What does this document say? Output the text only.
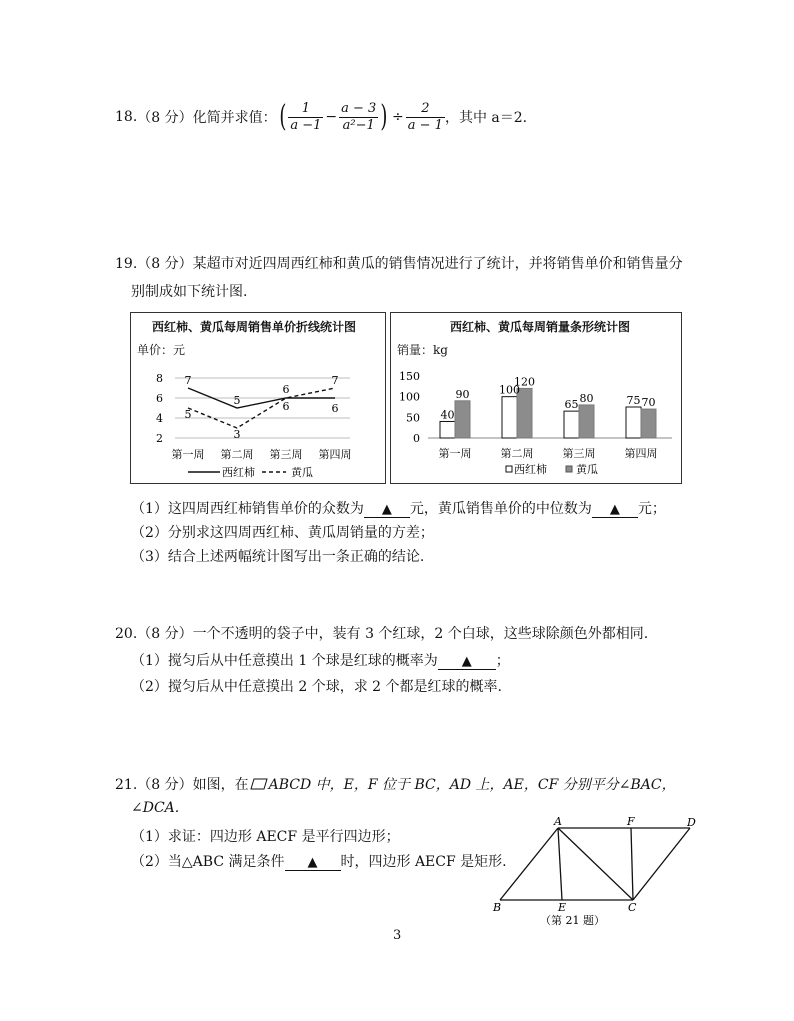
18. （8 分） 化简并求值： ( $\frac{1}{a -1} - \frac{a - 3}{\text{a²−1}}$ ) ÷ $\frac{2}{a - 1}$ ，其中 a＝2.
19.（8 分）某超市对近四周西红柿和黄瓜的销售情况进行了统计，并将销售单价和销售量分
别制成如下统计图.
西红柿、黄瓜每周销售单价折线统计图
单价：元
2
4
6
8 7
5
6
6
5
3
6
7
第一周 第二周 第三周 第四周
西红柿	黄瓜
西红柿、黄瓜每周销量条形统计图
销量：kg
0
50
100
150
40
100
65	75
90
120
80	70
第一周	第二周	第三周	第四周
西红柿	黄瓜
（1）这四周西红柿销售单价的众数为 ▲ 元，黄瓜销售单价的中位数为 ▲ 元；
（2）分别求这四周西红柿、黄瓜周销量的方差；
（3）结合上述两幅统计图写出一条正确的结论.
20.（8 分）一个不透明的袋子中，装有 3 个红球，2 个白球，这些球除颜色外都相同.
（1）搅匀后从中任意摸出 1 个球是红球的概率为 ▲ ；
（2）搅匀后从中任意摸出 2 个球，求 2 个都是红球的概率.
21.（8 分）如图，在 ABCD 中，E，F 位于 BC，AD 上，AE，CF 分别平分∠BAC，
∠DCA.
（1）求证：四边形 AECF 是平行四边形；
（2）当△ABC 满足条件 ▲ 时，四边形 AECF 是矩形.
A	F	D
B	E	C
（第 21 题）
3
